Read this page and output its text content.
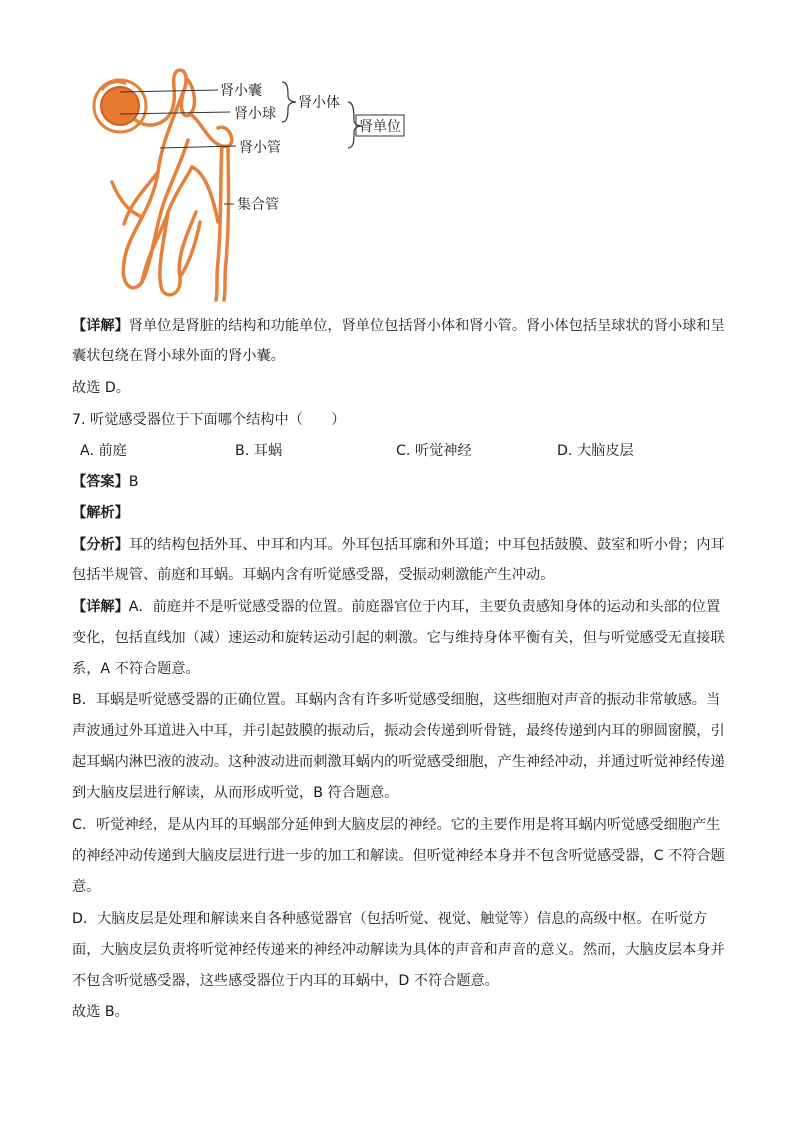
肾小囊
肾小球
肾小管
集合管
肾小体
肾单位
【详解】肾单位是肾脏的结构和功能单位，肾单位包括肾小体和肾小管。肾小体包括呈球状的肾小球和呈
囊状包绕在肾小球外面的肾小囊。
故选 D。
7. 听觉感受器位于下面哪个结构中（　　）
A. 前庭	B. 耳蜗	C. 听觉神经	D. 大脑皮层
【答案】B
【解析】
【分析】耳的结构包括外耳、中耳和内耳。外耳包括耳廓和外耳道；中耳包括鼓膜、鼓室和听小骨；内耳
包括半规管、前庭和耳蜗。耳蜗内含有听觉感受器，受振动刺激能产生冲动。
【详解】A．前庭并不是听觉感受器的位置。前庭器官位于内耳，主要负责感知身体的运动和头部的位置
变化，包括直线加（减）速运动和旋转运动引起的刺激。它与维持身体平衡有关，但与听觉感受无直接联
系，A 不符合题意。
B．耳蜗是听觉感受器的正确位置。耳蜗内含有许多听觉感受细胞，这些细胞对声音的振动非常敏感。当
声波通过外耳道进入中耳，并引起鼓膜的振动后，振动会传递到听骨链，最终传递到内耳的卵圆窗膜，引
起耳蜗内淋巴液的波动。这种波动进而刺激耳蜗内的听觉感受细胞，产生神经冲动，并通过听觉神经传递
到大脑皮层进行解读，从而形成听觉，B 符合题意。
C．听觉神经，是从内耳的耳蜗部分延伸到大脑皮层的神经。它的主要作用是将耳蜗内听觉感受细胞产生
的神经冲动传递到大脑皮层进行进一步的加工和解读。但听觉神经本身并不包含听觉感受器，C 不符合题
意。
D．大脑皮层是处理和解读来自各种感觉器官（包括听觉、视觉、触觉等）信息的高级中枢。在听觉方
面，大脑皮层负责将听觉神经传递来的神经冲动解读为具体的声音和声音的意义。然而，大脑皮层本身并
不包含听觉感受器，这些感受器位于内耳的耳蜗中，D 不符合题意。
故选 B。
